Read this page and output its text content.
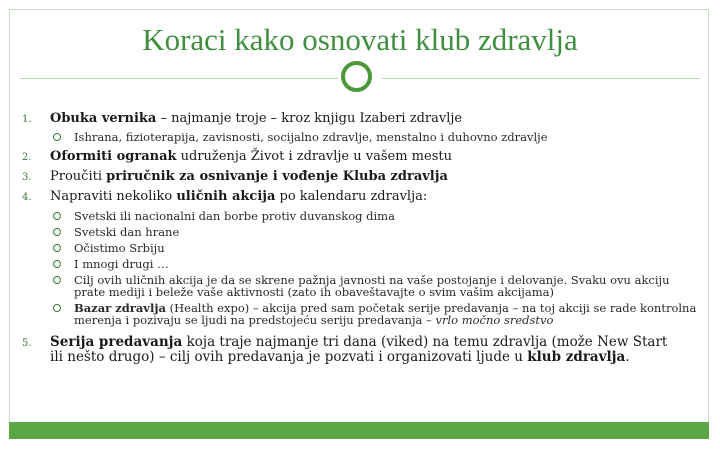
Koraci kako osnovati klub zdravlja
1.	Obuka vernika – najmanje troje – kroz knjigu Izaberi zdravlje
Ishrana, fizioterapija, zavisnosti, socijalno zdravlje, menstalno i duhovno zdravlje
2.	Oformiti ogranak udruženja Život i zdravlje u vašem mestu
3.	Proučiti priručnik za osnivanje i vođenje Kluba zdravlja
4.	Napraviti nekoliko uličnih akcija po kalendaru zdravlja:
Svetski ili nacionalni dan borbe protiv duvanskog dima
Svetski dan hrane
Očistimo Srbiju
I mnogi drugi …
Cilj ovih uličnih akcija je da se skrene pažnja javnosti na vaše postojanje i delovanje. Svaku ovu akciju prate mediji i beleže vaše aktivnosti (zato ih obaveštavajte o svim vašim akcijama)
Bazar zdravlja (Health expo) – akcija pred sam početak serije predavanja – na toj akciji se rade kontrolna merenja i pozivaju se ljudi na predstojeću seriju predavanja – vrlo močno sredstvo
5.	Serija predavanja koja traje najmanje tri dana (viked) na temu zdravlja (može New Start ili nešto drugo) – cilj ovih predavanja je pozvati i organizovati ljude u klub zdravlja.
